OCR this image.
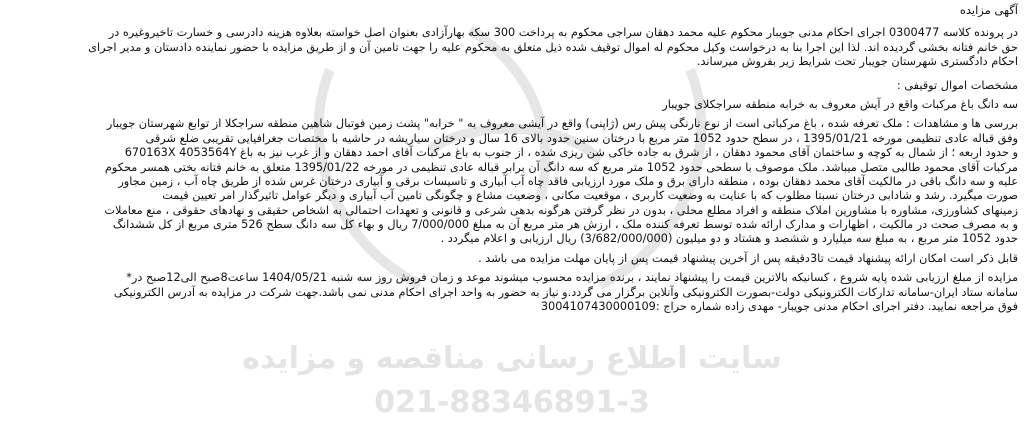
سایت اطلاع رسانی مناقصه و مزایده
021-88346891-3
آگهی مزایده
در پرونده کلاسه 0300477 اجرای احکام مدنی جویبار محکوم علیه محمد دهقان سراجی محکوم به پرداخت 300 سکه بهارآزادی بعنوان اصل خواسته بعلاوه هزینه دادرسی و خسارت تاخیروغیره در
حق خانم فتانه بخشی گردیده اند. لذا این اجرا بنا به درخواست وکیل محکوم له اموال توقیف شده ذیل متعلق به محکوم علیه را جهت تامین آن و از طریق مزایده با حضور نماینده دادستان و مدیر اجرای
احکام دادگستری شهرستان جویبار تحت شرایط زیر بفروش میرساند.
مشخصات اموال توقیفی :
سه دانگ باغ مرکبات واقع در آیش معروف به خرابه منطقه سراجکلای جویبار
بررسی ها و مشاهدات : ملک تعرفه شده ، باغ مرکباتی است از نوع نارنگی پیش رس (ژاپنی) واقع در آیشی معروف به " خرابه" پشت زمین فوتبال شاهین منطقه سراجکلا از توابع شهرستان جویبار
وفق قباله عادی تنظیمی مورخه 1395/01/21 ، در سطح حدود 1052 متر مربع با درختان سنین حدود بالای 16 سال و درختان سیاریشه در حاشیه با مختصات جغرافیایی تقریبی ضلع شرقی
و حدود اربعه ؛ از شمال به کوچه و ساختمان آقای محمود دهقان ، از شرق به جاده خاکی شن ریزی شده ، از جنوب به باغ مرکبات آقای احمد دهقان و از غرب نیز به باغ 670163X 4053564Y
مرکبات آقای محمود طالبی متصل میباشد. ملک موصوف با سطحی حدود 1052 متر مربع که سه دانگ آن برابر قباله عادی تنظیمی در مورخه 1395/01/22 متعلق به خانم فتانه بختی همسر محکوم
علیه و سه دانگ باقی در مالکیت آقای محمد دهقان بوده ، منطقه دارای برق و ملک مورد ارزیابی فاقد چاه آب آبیاری و تاسیسات برقی و آبیاری درختان غرس شده از طریق چاه آب ، زمین مجاور
صورت میگیرد. رشد و شادابی درختان نسبتا مطلوب که با عنایت به وضعیت کاربری ، موقعیت مکانی ، وضعیت مشاع و چگونگی تامین آب آبیاری و دیگر عوامل تاثیرگذار امر تعیین قیمت
زمینهای کشاورزی، مشاوره با مشاورین املاک منطقه و افراد مطلع محلی ، بدون در نظر گرفتن هرگونه بدهی شرعی و قانونی و تعهدات احتمالی به اشخاص حقیقی و نهادهای حقوقی ، منع معاملات
و به مصرف صحت در مالکیت ، اظهارات و مدارک ارائه شده توسط تعرفه کننده ملک ، ارزش هر متر مربع آن به مبلغ 7/000/000 ریال و بهاء کل سه دانگ سطح 526 متری مربع از کل ششدانگ
حدود 1052 متر مربع ، به مبلغ سه میلیارد و ششصد و هشتاد و دو میلیون (3/682/000/000) ریال ارزیابی و اعلام میگردد .
قابل ذکر است امکان ارائه پیشنهاد قیمت تا3دقیقه پس از آخرین پیشنهاد قیمت پس از پایان مهلت مزایده می باشد .
مزایده از مبلغ ارزیابی شده پایه شروع ، کسانیکه بالاترین قیمت را پیشنهاد نمایند ، برنده مزایده محسوب میشوند موعد و زمان فروش روز سه شنبه 1404/05/21 ساعت8صبح الی12صبح در*
سامانه ستاد ایران-سامانه تدارکات الکترونیکی دولت-بصورت الکترونیکی وآنلاین برگزار می گردد.و نیاز به حضور به واحد اجرای احکام مدنی نمی باشد.جهت شرکت در مزایده به آدرس الکترونیکی
فوق مراجعه نمایید. دفتر اجرای احکام مدنی جویبار- مهدی زاده شماره حراج :3004107430000109
